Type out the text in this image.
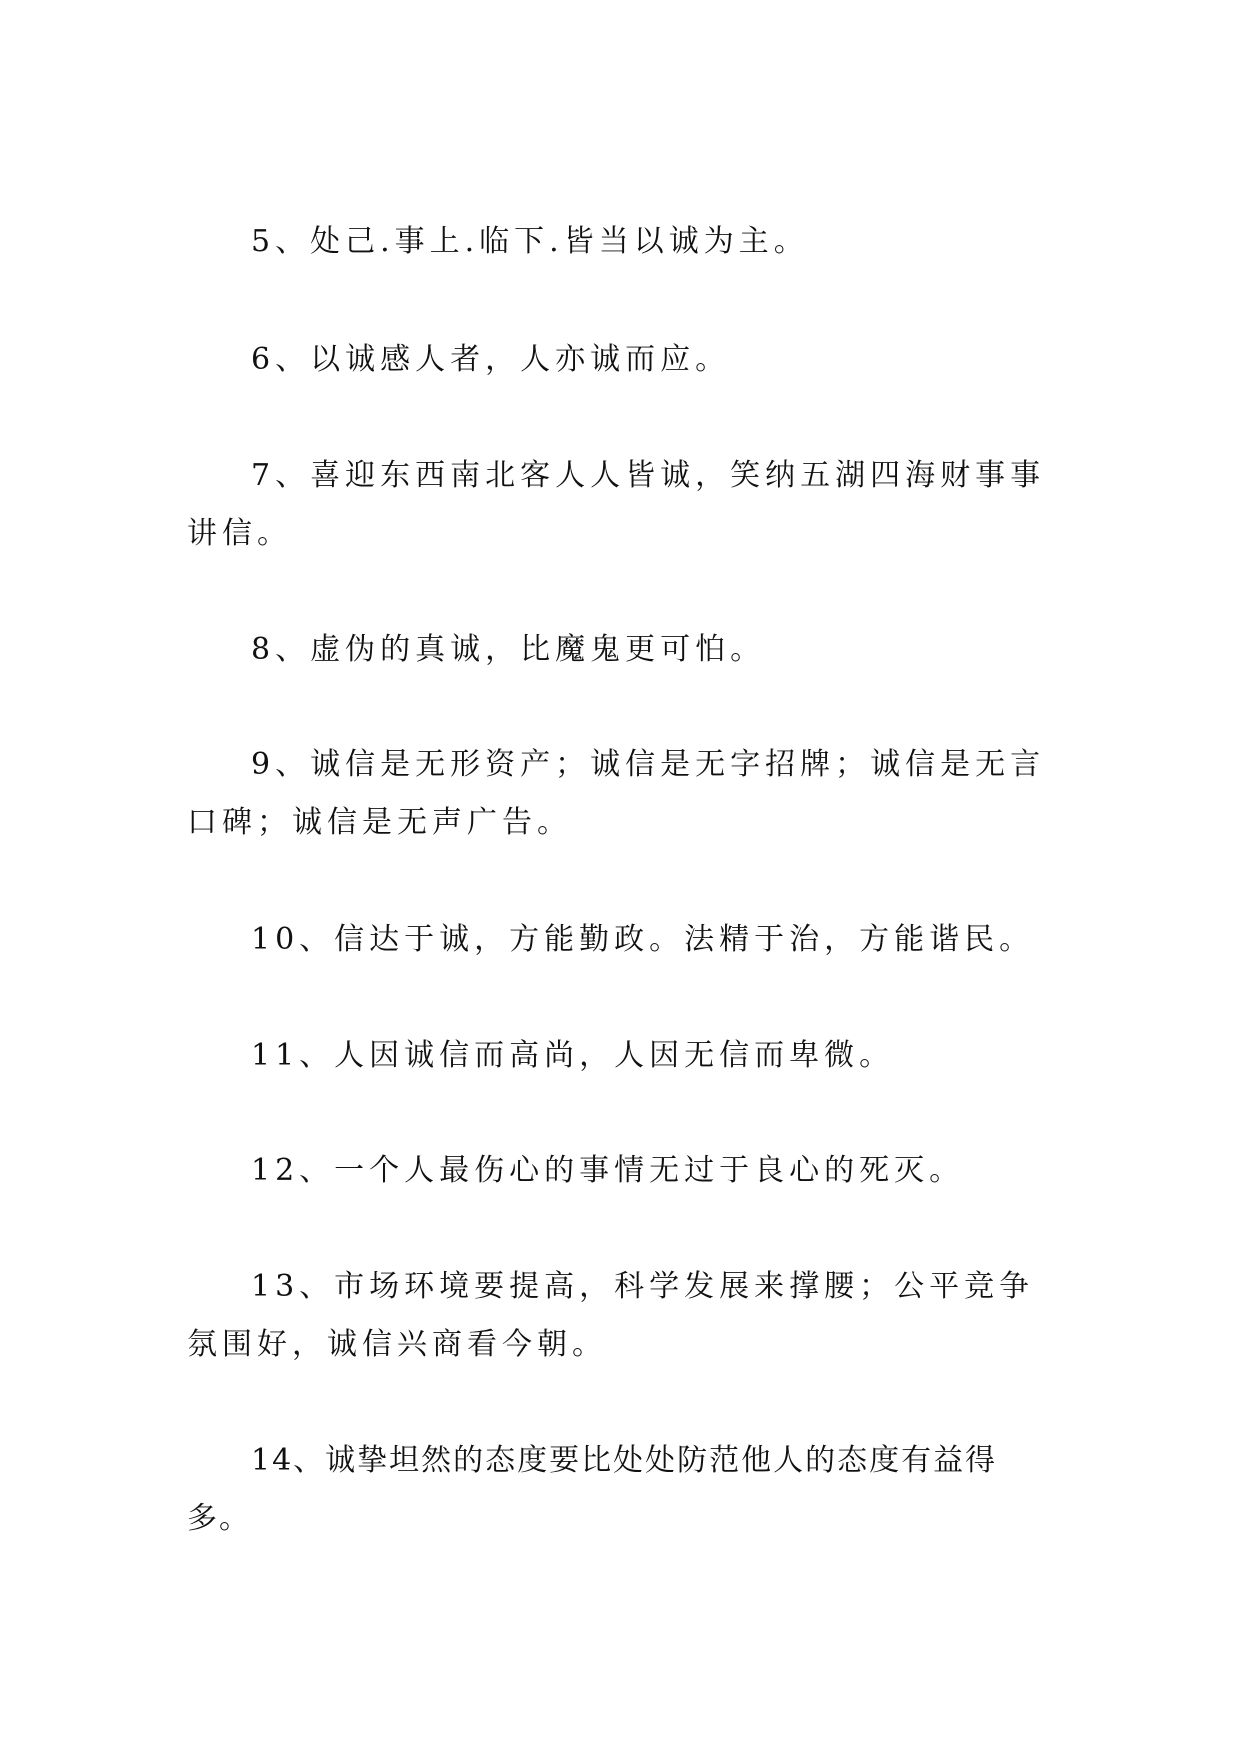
5、处己.事上.临下.皆当以诚为主。

6、以诚感人者，人亦诚而应。

7、喜迎东西南北客人人皆诚，笑纳五湖四海财事事讲信。

8、虚伪的真诚，比魔鬼更可怕。

9、诚信是无形资产；诚信是无字招牌；诚信是无言口碑；诚信是无声广告。

10、信达于诚，方能勤政。法精于治，方能谐民。

11、人因诚信而高尚，人因无信而卑微。

12、一个人最伤心的事情无过于良心的死灭。

13、市场环境要提高，科学发展来撑腰；公平竞争氛围好，诚信兴商看今朝。

14、诚挚坦然的态度要比处处防范他人的态度有益得多。
